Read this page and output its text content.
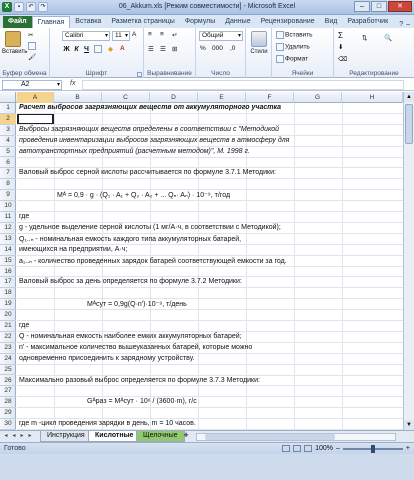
X	▪	↶	↷	06_Akkum.xls [Режим совместимости] - Microsoft Excel	–	□	✕
Файл	Главная	Вставка	Разметка страницы	Формулы	Данные	Рецензирование	Вид	Разработчик	? –
Вставить
✂
🖌
Буфер обмена
Calibri ▾	11 ▾	A
Ж К Ч	◆ A
Шрифт
≡ ≡ ↵
☰ ☰ ⊞
Выравнивание
Общий ▾
% 000 ,0
Число
Стили
Вставить
Удалить
Формат
Ячейки
Σ
⬇
⌫
⇅	🔍
Редактирование
A2 ▾	fx
A	B	C	D	E	F	G	H
1
2
3
4
5
6
7
8
9
10
11
12
13
14
15
16
17
18
19
20
21
22
23
24
25
26
27
28
29
30
Расчет выбросов загрязняющих веществ от аккумуляторного участка
Выбросы загрязняющих веществ определены в соответствии с "Методикой
проведения инвентаризации выбросов загрязняющих веществ в атмосферу для
автотранспортных предприятий (расчетным методом)", М. 1998 г.
Валовый выброс серной кислоты рассчитывается по формуле 3.7.1 Методики:
Mᴬ = 0,9 · g · (Q₁ · A₁ + Q₂ · A₂ + ... Qₙ· Aₙ) · 10⁻⁹, т/год
где
g - удельное выделение серной кислоты (1 мг/А·ч, в соответствии с Методикой);
Q₁..ₙ - номинальная емкость каждого типа аккумуляторных батарей,
имеющихся на предприятии, А·ч;
a₁..ₙ - количество проведенных зарядок батарей соответствующей емкости за год.
Валовый выброс за день определяется по формуле 3.7.2 Методики:
Mᴬсут = 0,9g(Q·n')·10⁻⁹, т/день
где
Q - номинальная емкость наиболее емких аккумуляторных батарей;
n' - максимальное количество вышеуказанных батарей, которые можно
одновременно присоединить к зарядному устройству.
Максимально разовый выброс определяется по формуле 3.7.3 Методики:
Gᴬраз = Mᴬсут · 10⁶ / (3600·m), г/с
где m -цикл проведения зарядки в день, m = 10 часов.
▲
▼
◂ ◂ ▸ ▸	Инструкция	Кислотные	Щелочные ✚
Готово	100% –	+
